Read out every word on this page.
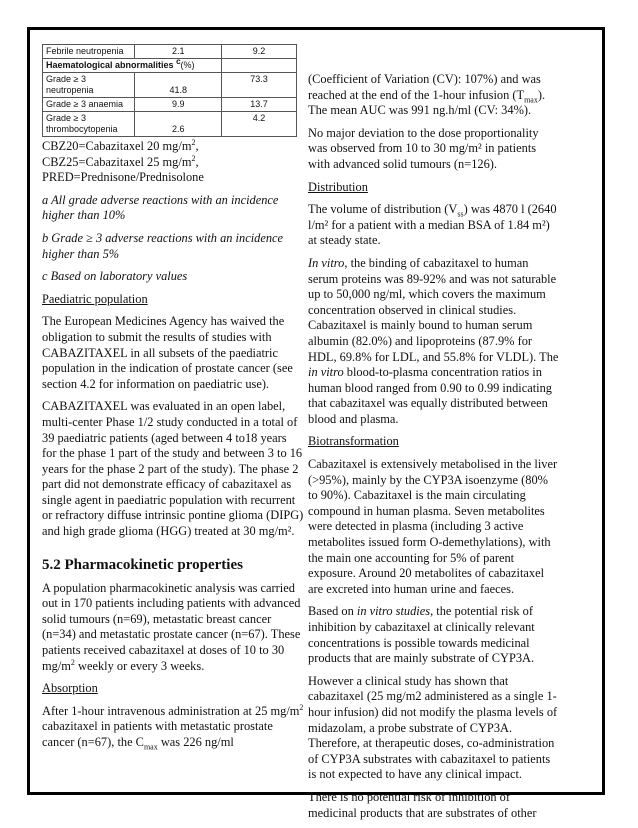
Febrile neutropenia	2.1	9.2
Haematological abnormalities $^c$(%)		
Grade ≥ 3 neutropenia	41.8	73.3
Grade ≥ 3 anaemia	9.9	13.7
Grade ≥ 3 thrombocytopenia	2.6	4.2

CBZ20=Cabazitaxel 20 $mg/m^2$,
CBZ25=Cabazitaxel 25 $mg/m^2$,
PRED=Prednisone/Prednisolone

a All grade adverse reactions with an incidence higher than 10%

b Grade ≥ 3 adverse reactions with an incidence higher than 5%

c Based on laboratory values

Paediatric population

The European Medicines Agency has waived the obligation to submit the results of studies with CABAZITAXEL in all subsets of the paediatric population in the indication of prostate cancer (see section 4.2 for information on paediatric use).

CABAZITAXEL was evaluated in an open label, multi-center Phase 1/2 study conducted in a total of 39 paediatric patients (aged between 4 to18 years for the phase 1 part of the study and between 3 to 16 years for the phase 2 part of the study). The phase 2 part did not demonstrate efficacy of cabazitaxel as single agent in paediatric population with recurrent or refractory diffuse intrinsic pontine glioma (DIPG) and high grade glioma (HGG) treated at 30 mg/m².

5.2 Pharmacokinetic properties

A population pharmacokinetic analysis was carried out in 170 patients including patients with advanced solid tumours (n=69), metastatic breast cancer (n=34) and metastatic prostate cancer (n=67). These patients received cabazitaxel at doses of 10 to 30 $mg/m^2$ weekly or every 3 weeks.

Absorption

After 1-hour intravenous administration at 25 $mg/m^2$ cabazitaxel in patients with metastatic prostate cancer (n=67), the $C_{max}$ was 226 ng/ml

(Coefficient of Variation (CV): 107%) and was reached at the end of the 1-hour infusion $(T_{max})$. The mean AUC was 991 ng.h/ml (CV: 34%).

No major deviation to the dose proportionality was observed from 10 to 30 mg/m² in patients with advanced solid tumours (n=126).

Distribution

The volume of distribution $(V_{ss})$ was 4870 l (2640 l/m² for a patient with a median BSA of 1.84 m²) at steady state.

In vitro, the binding of cabazitaxel to human serum proteins was 89-92% and was not saturable up to 50,000 ng/ml, which covers the maximum concentration observed in clinical studies. Cabazitaxel is mainly bound to human serum albumin (82.0%) and lipoproteins (87.9% for HDL, 69.8% for LDL, and 55.8% for VLDL). The in vitro blood-to-plasma concentration ratios in human blood ranged from 0.90 to 0.99 indicating that cabazitaxel was equally distributed between blood and plasma.

Biotransformation

Cabazitaxel is extensively metabolised in the liver (>95%), mainly by the CYP3A isoenzyme (80% to 90%). Cabazitaxel is the main circulating compound in human plasma. Seven metabolites were detected in plasma (including 3 active metabolites issued form O-demethylations), with the main one accounting for 5% of parent exposure. Around 20 metabolites of cabazitaxel are excreted into human urine and faeces.

Based on in vitro studies, the potential risk of inhibition by cabazitaxel at clinically relevant concentrations is possible towards medicinal products that are mainly substrate of CYP3A.

However a clinical study has shown that cabazitaxel (25 mg/m2 administered as a single 1-hour infusion) did not modify the plasma levels of midazolam, a probe substrate of CYP3A. Therefore, at therapeutic doses, co-administration of CYP3A substrates with cabazitaxel to patients is not expected to have any clinical impact.

There is no potential risk of inhibition of medicinal products that are substrates of other
